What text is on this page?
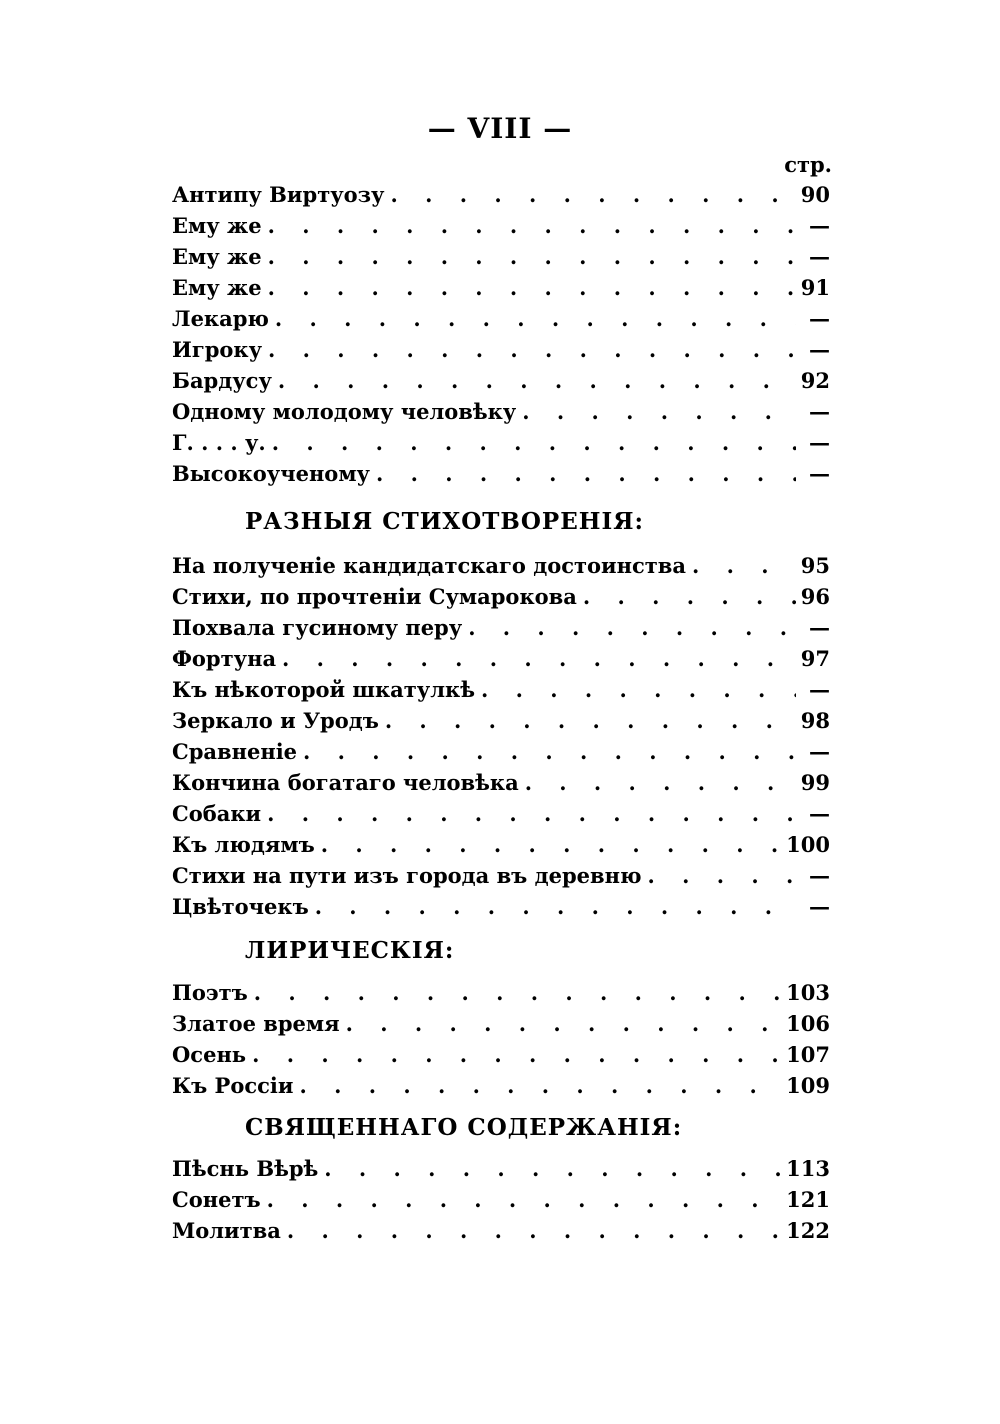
— VIII —
стр.
Антипу Виртуозу . . .	90
Ему же . . .	—
Ему же . . .	—
Ему же . . .	91
Лекарю . . .	—
Игроку . . .	—
Бардусу . . .	92
Одному молодому человѣку . . .	—
Г. . . . у. . . .	—
Высокоученому . . .	—
РАЗНЫЯ СТИХОТВОРЕНІЯ:
На полученіе кандидатскаго достоинства . . .	95
Стихи, по прочтеніи Сумарокова . . .	96
Похвала гусиному перу . . .	—
Фортуна . . .	97
Къ нѣкоторой шкатулкѣ . . .	—
Зеркало и Уродъ . . .	98
Сравненіе . . .	—
Кончина богатаго человѣка . . .	99
Собаки . . .	—
Къ людямъ . . .	100
Стихи на пути изъ города въ деревню . . .	—
Цвѣточекъ . . .	—
ЛИРИЧЕСКІЯ:
Поэтъ . . .	103
Златое время . . .	106
Осень . . .	107
Къ Россіи . . .	109
СВЯЩЕННАГО СОДЕРЖАНІЯ:
Пѣснь Вѣрѣ . . .	113
Сонетъ . . .	121
Молитва . . .	122
